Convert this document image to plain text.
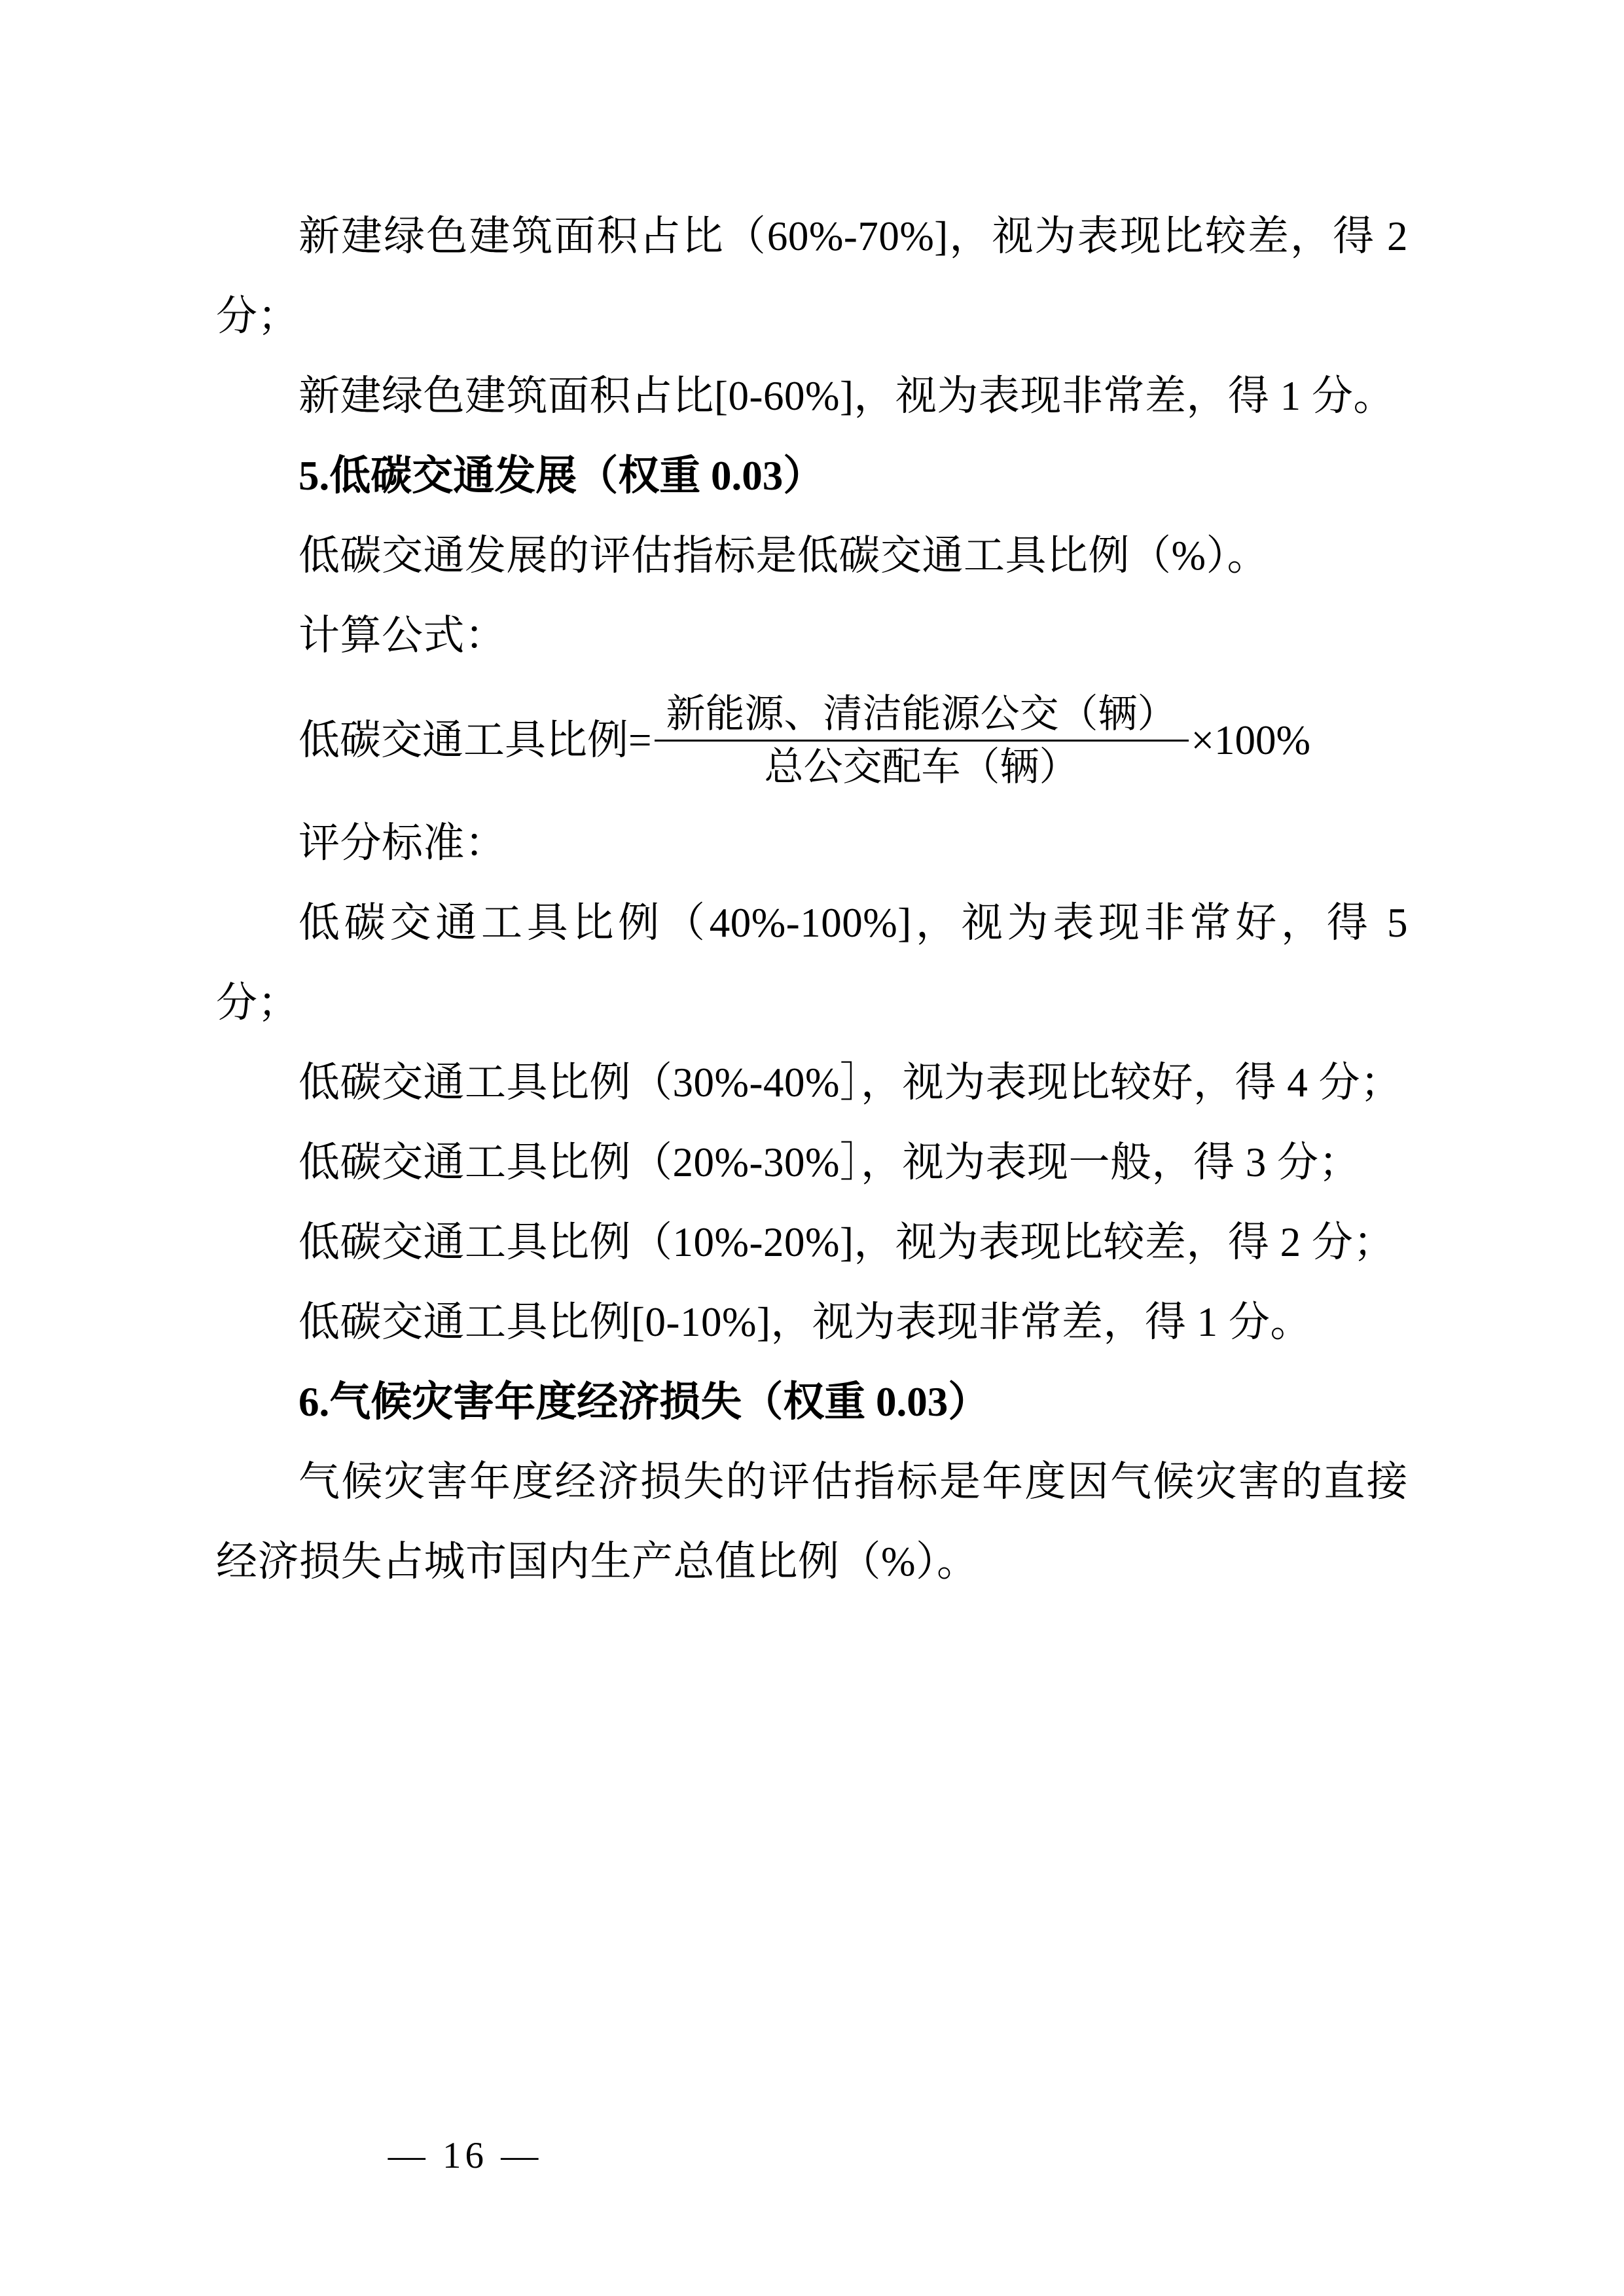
新建绿色建筑面积占比（60%-70%]，视为表现比较差，得 2 分；

新建绿色建筑面积占比[0-60%]，视为表现非常差，得 1 分。

5.低碳交通发展（权重 0.03）

低碳交通发展的评估指标是低碳交通工具比例（%）。

计算公式：

低碳交通工具比例= $\frac{\text{新能源、清洁能源公交（辆）}}{\text{总公交配车（辆）}} \times 100\%$

评分标准：

低碳交通工具比例（40%-100%]，视为表现非常好，得 5 分；

低碳交通工具比例（30%-40%］，视为表现比较好，得 4 分；

低碳交通工具比例（20%-30%］，视为表现一般，得 3 分；

低碳交通工具比例（10%-20%]，视为表现比较差，得 2 分；

低碳交通工具比例[0-10%]，视为表现非常差，得 1 分。

6.气候灾害年度经济损失（权重 0.03）

气候灾害年度经济损失的评估指标是年度因气候灾害的直接经济损失占城市国内生产总值比例（%）。

— 16 —
